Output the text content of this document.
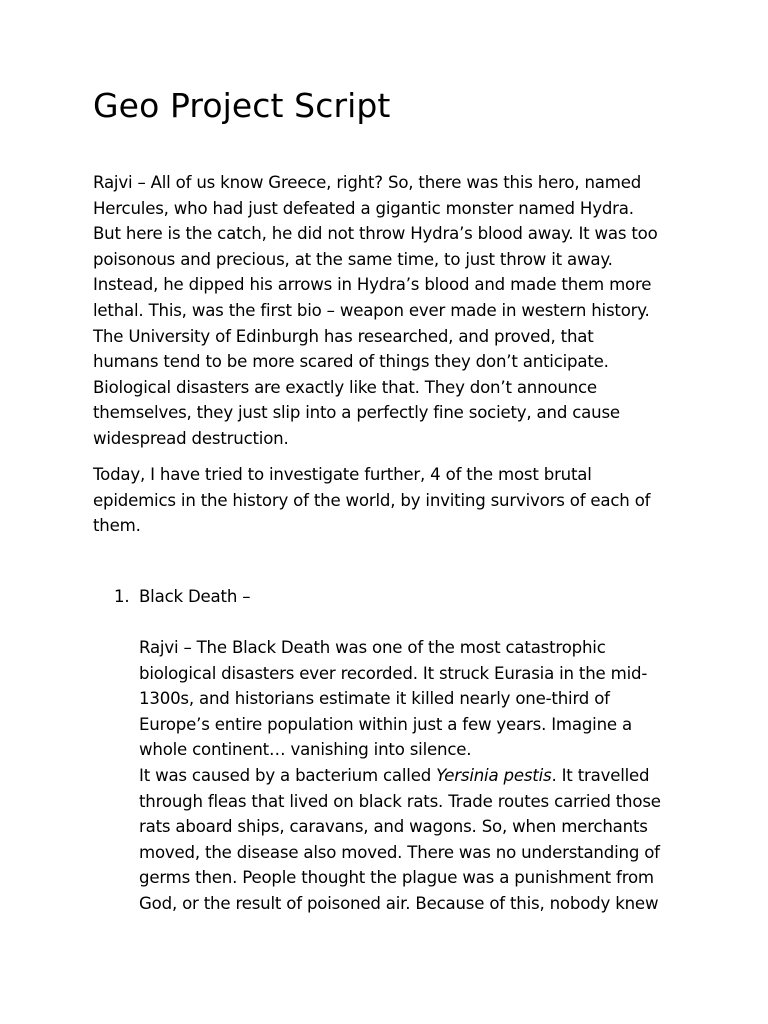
Geo Project Script
Rajvi – All of us know Greece, right? So, there was this hero, named
Hercules, who had just defeated a gigantic monster named Hydra.
But here is the catch, he did not throw Hydra’s blood away. It was too
poisonous and precious, at the same time, to just throw it away.
Instead, he dipped his arrows in Hydra’s blood and made them more
lethal. This, was the first bio – weapon ever made in western history.
The University of Edinburgh has researched, and proved, that
humans tend to be more scared of things they don’t anticipate.
Biological disasters are exactly like that. They don’t announce
themselves, they just slip into a perfectly fine society, and cause
widespread destruction.
Today, I have tried to investigate further, 4 of the most brutal
epidemics in the history of the world, by inviting survivors of each of
them.
1. Black Death –
Rajvi – The Black Death was one of the most catastrophic
biological disasters ever recorded. It struck Eurasia in the mid-
1300s, and historians estimate it killed nearly one-third of
Europe’s entire population within just a few years. Imagine a
whole continent… vanishing into silence.
It was caused by a bacterium called Yersinia pestis. It travelled
through fleas that lived on black rats. Trade routes carried those
rats aboard ships, caravans, and wagons. So, when merchants
moved, the disease also moved. There was no understanding of
germs then. People thought the plague was a punishment from
God, or the result of poisoned air. Because of this, nobody knew
